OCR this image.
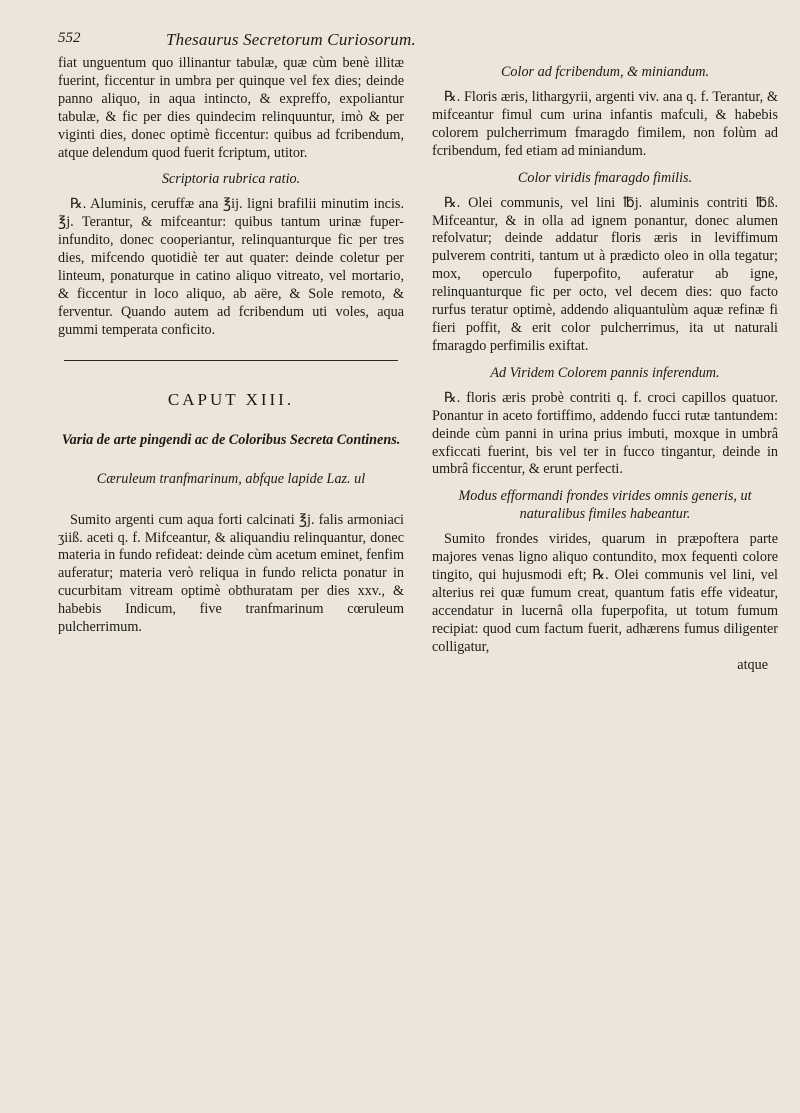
552	Thesaurus Secretorum Curiosorum.

fiat unguentum quo illinantur tabulæ, quæ cùm benè illitæ fuerint, ficcentur in umbra per quinque vel fex dies; deinde panno aliquo, in aqua intincto, & expreffo, expoliantur tabulæ, & fic per dies quindecim relinquuntur, imò & per viginti dies, donec optimè ficcentur: quibus ad fcribendum, atque delendum quod fuerit fcriptum, utitor.

Scriptoria rubrica ratio.

℞. Aluminis, ceruffæ ana ℥ij. ligni brafilii minutim incis. ℥j. Terantur, & mifceantur: quibus tantum urinæ fuper-infundito, donec cooperiantur, relinquanturque fic per tres dies, mifcendo quotidiè ter aut quater: deinde coletur per linteum, ponaturque in catino aliquo vitreato, vel mortario, & ficcentur in loco aliquo, ab aëre, & Sole remoto, & ferventur. Quando autem ad fcribendum uti voles, aqua gummi temperata conficito.

CAPUT XIII.
Varia de arte pingendi ac de Coloribus Secreta Continens.
Cæruleum tranfmarinum, abfque lapide Laz. ul

Sumito argenti cum aqua forti calcinati ℥j. falis armoniaci ʒiiß. aceti q. f. Mifceantur, & aliquandiu relinquantur, donec materia in fundo refideat: deinde cùm acetum eminet, fenfim auferatur; materia verò reliqua in fundo relicta ponatur in cucurbitam vitream optimè obthuratam per dies xxv., & habebis Indicum, five tranfmarinum cœruleum pulcherrimum.

Color ad fcribendum, & miniandum.

℞. Floris æris, lithargyrii, argenti viv. ana q. f. Terantur, & mifceantur fimul cum urina infantis mafculi, & habebis colorem pulcherrimum fmaragdo fimilem, non folùm ad fcribendum, fed etiam ad miniandum.

Color viridis fmaragdo fimilis.

℞. Olei communis, vel lini ℔j. aluminis contriti ℔ß. Mifceantur, & in olla ad ignem ponantur, donec alumen refolvatur; deinde addatur floris æris in leviffimum pulverem contriti, tantum ut à prædicto oleo in olla tegatur; mox, operculo fuperpofito, auferatur ab igne, relinquanturque fic per octo, vel decem dies: quo facto rurfus teratur optimè, addendo aliquantulùm aquæ refinæ fi fieri poffit, & erit color pulcherrimus, ita ut naturali fmaragdo perfimilis exiftat.

Ad Viridem Colorem pannis inferendum.

℞. floris æris probè contriti q. f. croci capillos quatuor. Ponantur in aceto fortiffimo, addendo fucci rutæ tantundem: deinde cùm panni in urina prius imbuti, moxque in umbrâ exficcati fuerint, bis vel ter in fucco tingantur, deinde in umbrâ ficcentur, & erunt perfecti.

Modus efformandi frondes virides omnis generis, ut naturalibus fimiles habeantur.

Sumito frondes virides, quarum in præpoftera parte majores venas ligno aliquo contundito, mox fequenti colore tingito, qui hujusmodi eft; ℞. Olei communis vel lini, vel alterius rei quæ fumum creat, quantum fatis effe videatur, accendatur in lucernâ olla fuperpofita, ut totum fumum recipiat: quod cum factum fuerit, adhærens fumus diligenter colligatur,

atque
